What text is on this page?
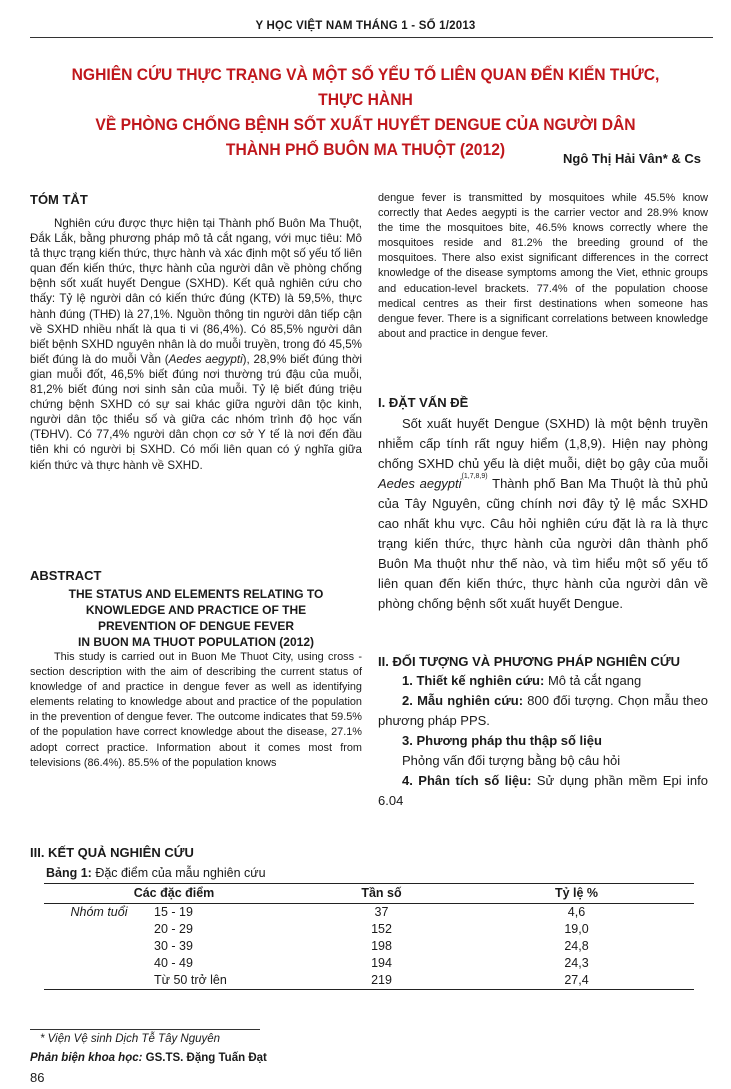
Y HỌC VIỆT NAM THÁNG 1 - SỐ 1/2013
NGHIÊN CỨU THỰC TRẠNG VÀ MỘT SỐ YẾU TỐ LIÊN QUAN ĐẾN KIẾN THỨC, THỰC HÀNH
VỀ PHÒNG CHỐNG BỆNH SỐT XUẤT HUYẾT DENGUE CỦA NGƯỜI DÂN
THÀNH PHỐ BUÔN MA THUỘT (2012)	Ngô Thị Hải Vân* & Cs
TÓM TẮT

Nghiên cứu được thực hiện tại Thành phố Buôn Ma Thuột, Đắk Lắk, bằng phương pháp mô tả cắt ngang, với mục tiêu: Mô tả thực trạng kiến thức, thực hành và xác định một số yếu tố liên quan đến kiến thức, thực hành của người dân về phòng chống bệnh sốt xuất huyết Dengue (SXHD). Kết quả nghiên cứu cho thấy: Tỷ lệ người dân có kiến thức đúng (KTĐ) là 59,5%, thực hành đúng (THĐ) là 27,1%. Nguồn thông tin người dân tiếp cận về SXHD nhiều nhất là qua ti vi (86,4%). Có 85,5% người dân biết bệnh SXHD nguyên nhân là do muỗi truyền, trong đó 45,5% biết đúng là do muỗi Vằn (Aedes aegypti), 28,9% biết đúng thời gian muỗi đốt, 46,5% biết đúng nơi thường trú đậu của muỗi, 81,2% biết đúng nơi sinh sản của muỗi. Tỷ lệ biết đúng triệu chứng bệnh SXHD có sự sai khác giữa người dân tộc kinh, người dân tộc thiểu số và giữa các nhóm trình độ học vấn (TĐHV). Có 77,4% người dân chọn cơ sở Y tế là nơi đến đầu tiên khi có người bị SXHD. Có mối liên quan có ý nghĩa giữa kiến thức và thực hành về SXHD.

ABSTRACT

THE STATUS AND ELEMENTS RELATING TO

KNOWLEDGE AND PRACTICE OF THE

PREVENTION OF DENGUE FEVER

IN BUON MA THUOT POPULATION (2012)

This study is carried out in Buon Me Thuot City, using cross - section description with the aim of describing the current status of knowledge of and practice in dengue fever as well as identifying elements relating to knowledge about and practice of the population in the prevention of dengue fever. The outcome indicates that 59.5% of the population have correct knowledge about the disease, 27.1% adopt correct practice. Information about it comes most from televisions (86.4%). 85.5% of the population knows

dengue fever is transmitted by mosquitoes while 45.5% know correctly that Aedes aegypti is the carrier vector and 28.9% know the time the mosquitoes bite, 46.5% knows correctly where the mosquitoes reside and 81.2% the breeding ground of the mosquitoes. There also exist significant differences in the correct knowledge of the disease symptoms among the Viet, ethnic groups and education-level brackets. 77.4% of the population choose medical centres as their first destinations when someone has dengue fever. There is a significant correlations between knowledge about and practice in dengue fever.

I. ĐẶT VẤN ĐỀ

Sốt xuất huyết Dengue (SXHD) là một bệnh truyền nhiễm cấp tính rất nguy hiểm (1,8,9). Hiện nay phòng chống SXHD chủ yếu là diệt muỗi, diệt bọ gậy của muỗi Aedes aegypti$^{(1,7,8,9)}$ Thành phố Ban Ma Thuột là thủ phủ của Tây Nguyên, cũng chính nơi đây tỷ lệ mắc SXHD cao nhất khu vực. Câu hỏi nghiên cứu đặt là ra là thực trạng kiến thức, thực hành của người dân thành phố Buôn Ma thuột như thế nào, và tìm hiểu một số yếu tố liên quan đến kiến thức, thực hành của người dân về phòng chống bệnh sốt xuất huyết Dengue.

II. ĐỐI TƯỢNG VÀ PHƯƠNG PHÁP NGHIÊN CỨU

1. Thiết kế nghiên cứu: Mô tả cắt ngang

2. Mẫu nghiên cứu: 800 đối tượng. Chọn mẫu theo phương pháp PPS.

3. Phương pháp thu thập số liệu

Phỏng vấn đối tượng bằng bộ câu hỏi

4. Phân tích số liệu: Sử dụng phần mềm Epi info 6.04

III. KẾT QUẢ NGHIÊN CỨU
Bảng 1: Đặc điểm của mẫu nghiên cứu
Các đặc điểm		Tần số	Tỷ lệ %
Nhóm tuổi	15 - 19	37	4,6
	20 - 29	152	19,0
	30 - 39	198	24,8
	40 - 49	194	24,3
	Từ 50 trở lên	219	27,4
* Viện Vệ sinh Dịch Tễ Tây Nguyên
Phản biện khoa học: GS.TS. Đặng Tuấn Đạt
86
